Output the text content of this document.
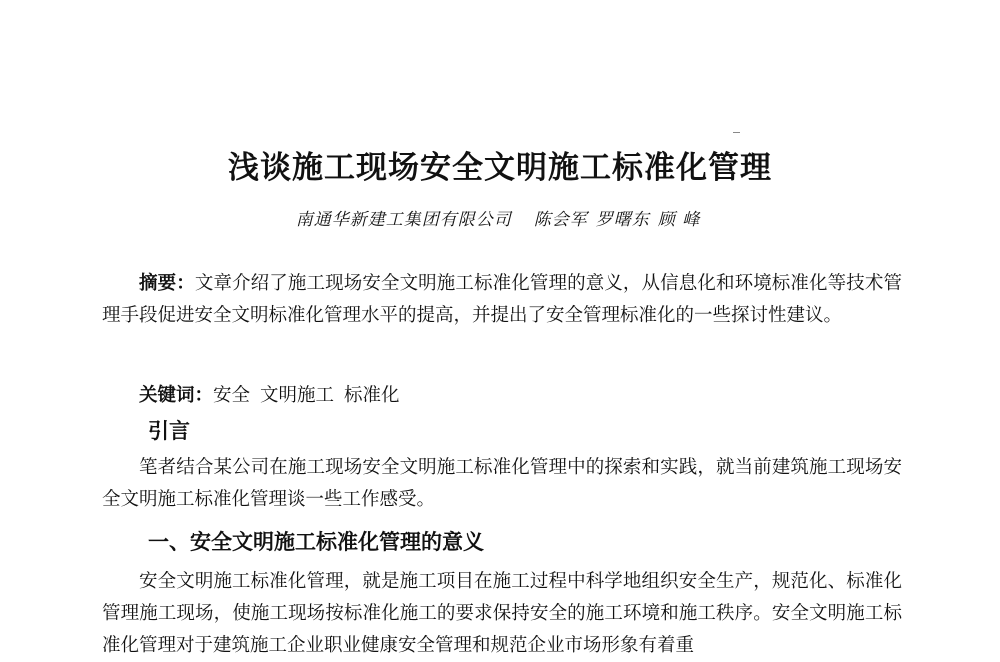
浅谈施工现场安全文明施工标准化管理
南通华新建工集团有限公司 陈会军 罗曙东 顾 峰

摘要：文章介绍了施工现场安全文明施工标准化管理的意义，从信息化和环境标准化等技术管理手段促进安全文明标准化管理水平的提高，并提出了安全管理标准化的一些探讨性建议。

关键词：安全 文明施工 标准化
引言

笔者结合某公司在施工现场安全文明施工标准化管理中的探索和实践，就当前建筑施工现场安全文明施工标准化管理谈一些工作感受。

一、安全文明施工标准化管理的意义

安全文明施工标准化管理，就是施工项目在施工过程中科学地组织安全生产，规范化、标准化管理施工现场，使施工现场按标准化施工的要求保持安全的施工环境和施工秩序。安全文明施工标准化管理对于建筑施工企业职业健康安全管理和规范企业市场形象有着重
